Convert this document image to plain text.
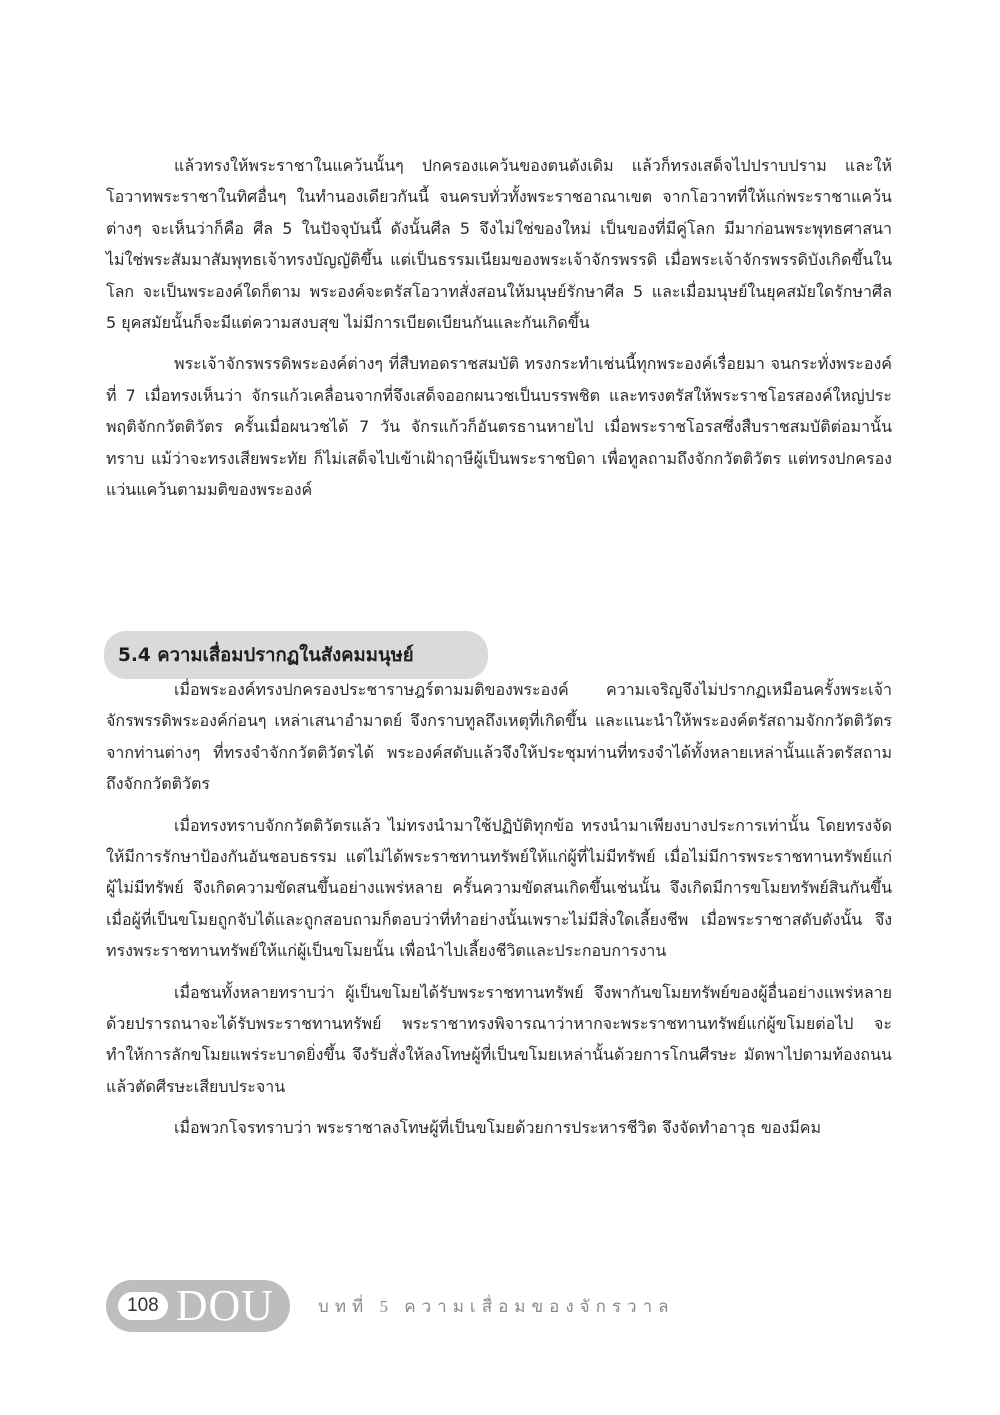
แล้วทรงให้พระราชาในแคว้นนั้นๆ ปกครองแคว้นของตนดังเดิม แล้วก็ทรงเสด็จไปปราบปราม และให้โอวาทพระราชาในทิศอื่นๆ ในทำนองเดียวกันนี้ จนครบทั่วทั้งพระราชอาณาเขต จากโอวาทที่ให้แก่พระราชาแคว้นต่างๆ จะเห็นว่าก็คือ ศีล 5 ในปัจจุบันนี้ ดังนั้นศีล 5 จึงไม่ใช่ของใหม่ เป็นของที่มีคู่โลก มีมาก่อนพระพุทธศาสนา ไม่ใช่พระสัมมาสัมพุทธเจ้าทรงบัญญัติขึ้น แต่เป็นธรรมเนียมของพระเจ้าจักรพรรดิ เมื่อพระเจ้าจักรพรรดิบังเกิดขึ้นในโลก จะเป็นพระองค์ใดก็ตาม พระองค์จะตรัสโอวาทสั่งสอนให้มนุษย์รักษาศีล 5 และเมื่อมนุษย์ในยุคสมัยใดรักษาศีล 5 ยุคสมัยนั้นก็จะมีแต่ความสงบสุข ไม่มีการเบียดเบียนกันและกันเกิดขึ้น

พระเจ้าจักรพรรดิพระองค์ต่างๆ ที่สืบทอดราชสมบัติ ทรงกระทำเช่นนี้ทุกพระองค์เรื่อยมา จนกระทั่งพระองค์ที่ 7 เมื่อทรงเห็นว่า จักรแก้วเคลื่อนจากที่จึงเสด็จออกผนวชเป็นบรรพชิต และทรงตรัสให้พระราชโอรสองค์ใหญ่ประพฤติจักกวัตติวัตร ครั้นเมื่อผนวชได้ 7 วัน จักรแก้วก็อันตรธานหายไป เมื่อพระราชโอรสซึ่งสืบราชสมบัติต่อมานั้นทราบ แม้ว่าจะทรงเสียพระทัย ก็ไม่เสด็จไปเข้าเฝ้าฤาษีผู้เป็นพระราชบิดา เพื่อทูลถามถึงจักกวัตติวัตร แต่ทรงปกครองแว่นแคว้นตามมติของพระองค์

5.4 ความเสื่อมปรากฏในสังคมมนุษย์

เมื่อพระองค์ทรงปกครองประชาราษฎร์ตามมติของพระองค์ ความเจริญจึงไม่ปรากฏเหมือนครั้งพระเจ้าจักรพรรดิพระองค์ก่อนๆ เหล่าเสนาอำมาตย์ จึงกราบทูลถึงเหตุที่เกิดขึ้น และแนะนำให้พระองค์ตรัสถามจักกวัตติวัตรจากท่านต่างๆ ที่ทรงจำจักกวัตติวัตรได้ พระองค์สดับแล้วจึงให้ประชุมท่านที่ทรงจำได้ทั้งหลายเหล่านั้นแล้วตรัสถามถึงจักกวัตติวัตร

เมื่อทรงทราบจักกวัตติวัตรแล้ว ไม่ทรงนำมาใช้ปฏิบัติทุกข้อ ทรงนำมาเพียงบางประการเท่านั้น โดยทรงจัดให้มีการรักษาป้องกันอันชอบธรรม แต่ไม่ได้พระราชทานทรัพย์ให้แก่ผู้ที่ไม่มีทรัพย์ เมื่อไม่มีการพระราชทานทรัพย์แก่ผู้ไม่มีทรัพย์ จึงเกิดความขัดสนขึ้นอย่างแพร่หลาย ครั้นความขัดสนเกิดขึ้นเช่นนั้น จึงเกิดมีการขโมยทรัพย์สินกันขึ้น เมื่อผู้ที่เป็นขโมยถูกจับได้และถูกสอบถามก็ตอบว่าที่ทำอย่างนั้นเพราะไม่มีสิ่งใดเลี้ยงชีพ เมื่อพระราชาสดับดังนั้น จึงทรงพระราชทานทรัพย์ให้แก่ผู้เป็นขโมยนั้น เพื่อนำไปเลี้ยงชีวิตและประกอบการงาน

เมื่อชนทั้งหลายทราบว่า ผู้เป็นขโมยได้รับพระราชทานทรัพย์ จึงพากันขโมยทรัพย์ของผู้อื่นอย่างแพร่หลายด้วยปรารถนาจะได้รับพระราชทานทรัพย์ พระราชาทรงพิจารณาว่าหากจะพระราชทานทรัพย์แก่ผู้ขโมยต่อไป จะทำให้การลักขโมยแพร่ระบาดยิ่งขึ้น จึงรับสั่งให้ลงโทษผู้ที่เป็นขโมยเหล่านั้นด้วยการโกนศีรษะ มัดพาไปตามท้องถนน แล้วตัดศีรษะเสียบประจาน

เมื่อพวกโจรทราบว่า พระราชาลงโทษผู้ที่เป็นขโมยด้วยการประหารชีวิต จึงจัดทำอาวุธ ของมีคม

108 DOU	บทที่ 5 ความเสื่อมของจักรวาล
